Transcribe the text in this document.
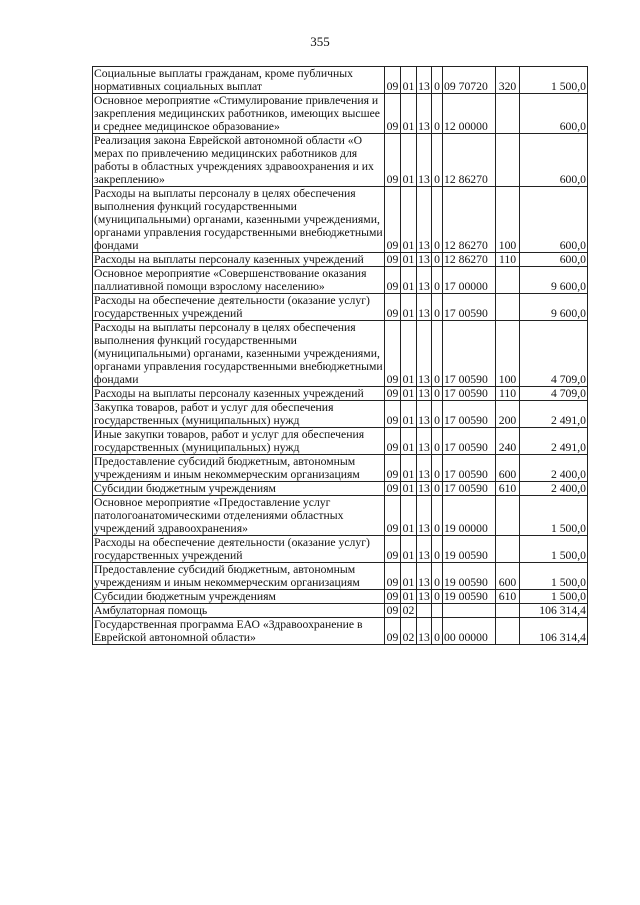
355
Социальные выплаты гражданам, кроме публичных нормативных социальных выплат	09	01	13	0	09 70720	320	1 500,0
Основное мероприятие «Стимулирование привлечения и закрепления медицинских работников, имеющих высшее и среднее медицинское образование»	09	01	13	0	12 00000		600,0
Реализация закона Еврейской автономной области «О мерах по привлечению медицинских работников для работы в областных учреждениях здравоохранения и их закреплению»	09	01	13	0	12 86270		600,0
Расходы на выплаты персоналу в целях обеспечения выполнения функций государственными (муниципальными) органами, казенными учреждениями, органами управления государственными внебюджетными фондами	09	01	13	0	12 86270	100	600,0
Расходы на выплаты персоналу казенных учреждений	09	01	13	0	12 86270	110	600,0
Основное мероприятие «Совершенствование оказания паллиативной помощи взрослому населению»	09	01	13	0	17 00000		9 600,0
Расходы на обеспечение деятельности (оказание услуг) государственных учреждений	09	01	13	0	17 00590		9 600,0
Расходы на выплаты персоналу в целях обеспечения выполнения функций государственными (муниципальными) органами, казенными учреждениями, органами управления государственными внебюджетными фондами	09	01	13	0	17 00590	100	4 709,0
Расходы на выплаты персоналу казенных учреждений	09	01	13	0	17 00590	110	4 709,0
Закупка товаров, работ и услуг для обеспечения государственных (муниципальных) нужд	09	01	13	0	17 00590	200	2 491,0
Иные закупки товаров, работ и услуг для обеспечения государственных (муниципальных) нужд	09	01	13	0	17 00590	240	2 491,0
Предоставление субсидий бюджетным, автономным учреждениям и иным некоммерческим организациям	09	01	13	0	17 00590	600	2 400,0
Субсидии бюджетным учреждениям	09	01	13	0	17 00590	610	2 400,0
Основное мероприятие «Предоставление услуг патологоанатомическими отделениями областных учреждений здравоохранения»	09	01	13	0	19 00000		1 500,0
Расходы на обеспечение деятельности (оказание услуг) государственных учреждений	09	01	13	0	19 00590		1 500,0
Предоставление субсидий бюджетным, автономным учреждениям и иным некоммерческим организациям	09	01	13	0	19 00590	600	1 500,0
Субсидии бюджетным учреждениям	09	01	13	0	19 00590	610	1 500,0
Амбулаторная помощь	09	02					106 314,4
Государственная программа ЕАО «Здравоохранение в Еврейской автономной области»	09	02	13	0	00 00000		106 314,4
